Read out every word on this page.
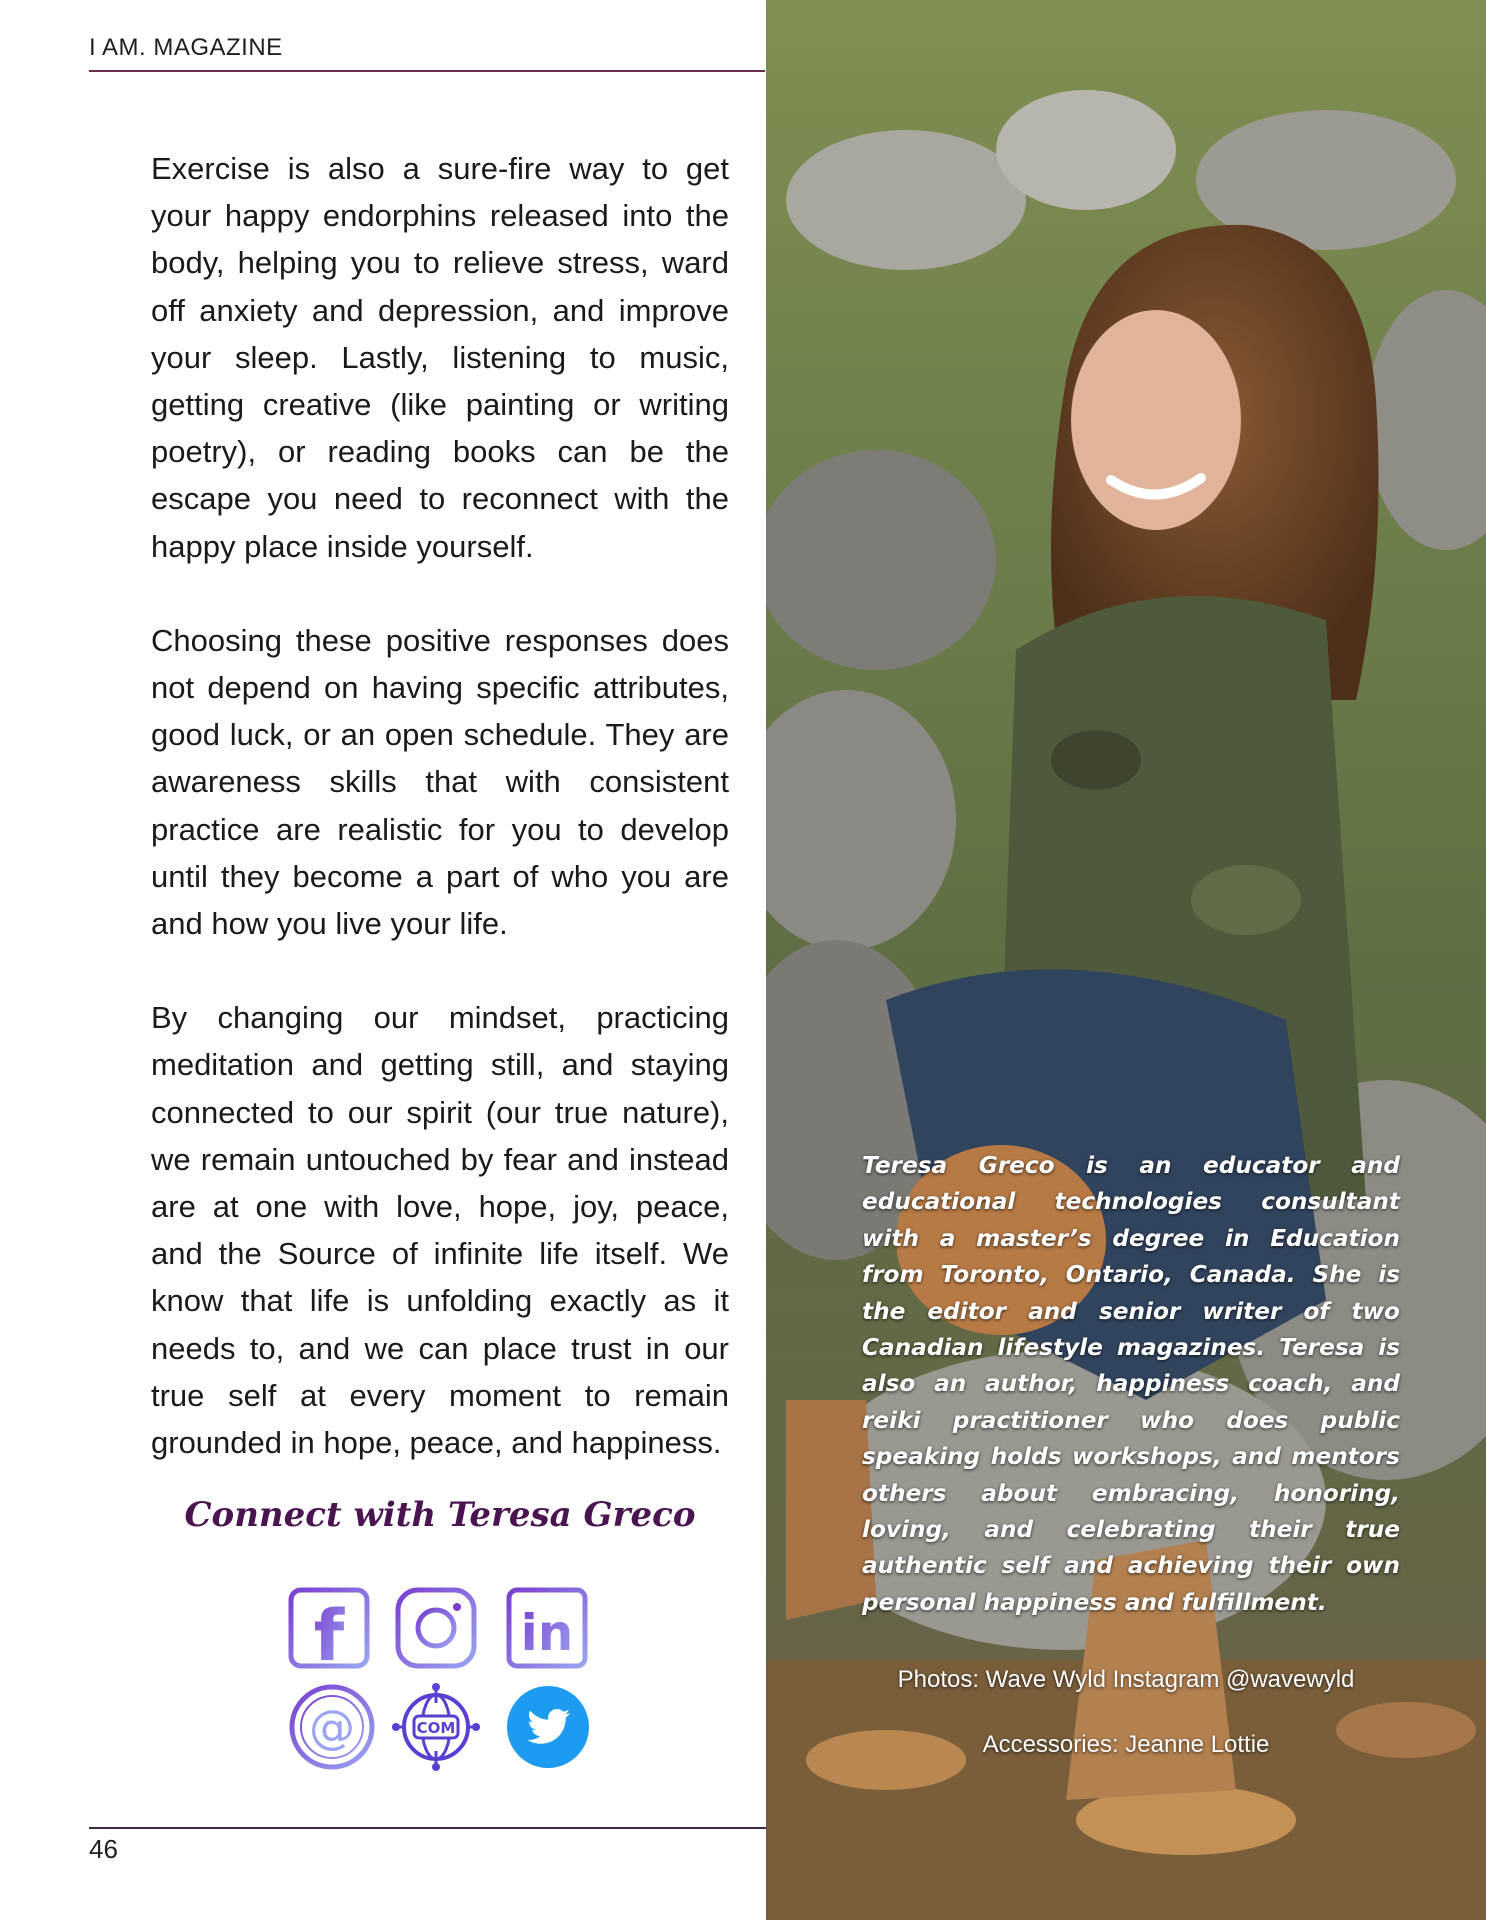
I AM. MAGAZINE

Exercise is also a sure-fire way to get your happy endorphins released into the body, helping you to relieve stress, ward off anxiety and depression, and improve your sleep. Lastly, listening to music, getting creative (like painting or writing poetry), or reading books can be the escape you need to reconnect with the happy place inside yourself.

Choosing these positive responses does not depend on having specific attributes, good luck, or an open schedule. They are awareness skills that with consistent practice are realistic for you to develop until they become a part of who you are and how you live your life.

By changing our mindset, practicing meditation and getting still, and staying connected to our spirit (our true nature), we remain untouched by fear and instead are at one with love, hope, joy, peace, and the Source of infinite life itself. We know that life is unfolding exactly as it needs to, and we can place trust in our true self at every moment to remain grounded in hope, peace, and happiness.

Connect with Teresa Greco
f	in
@	COM
46
Teresa Greco is an educator and educational technologies consultant with a master’s degree in Education from Toronto, Ontario, Canada. She is the editor and senior writer of two Canadian lifestyle magazines. Teresa is also an author, happiness coach, and reiki practitioner who does public speaking holds workshops, and mentors others about embracing, honoring, loving, and celebrating their true authentic self and achieving their own personal happiness and fulfillment.
Photos: Wave Wyld Instagram @wavewyld
Accessories: Jeanne Lottie
